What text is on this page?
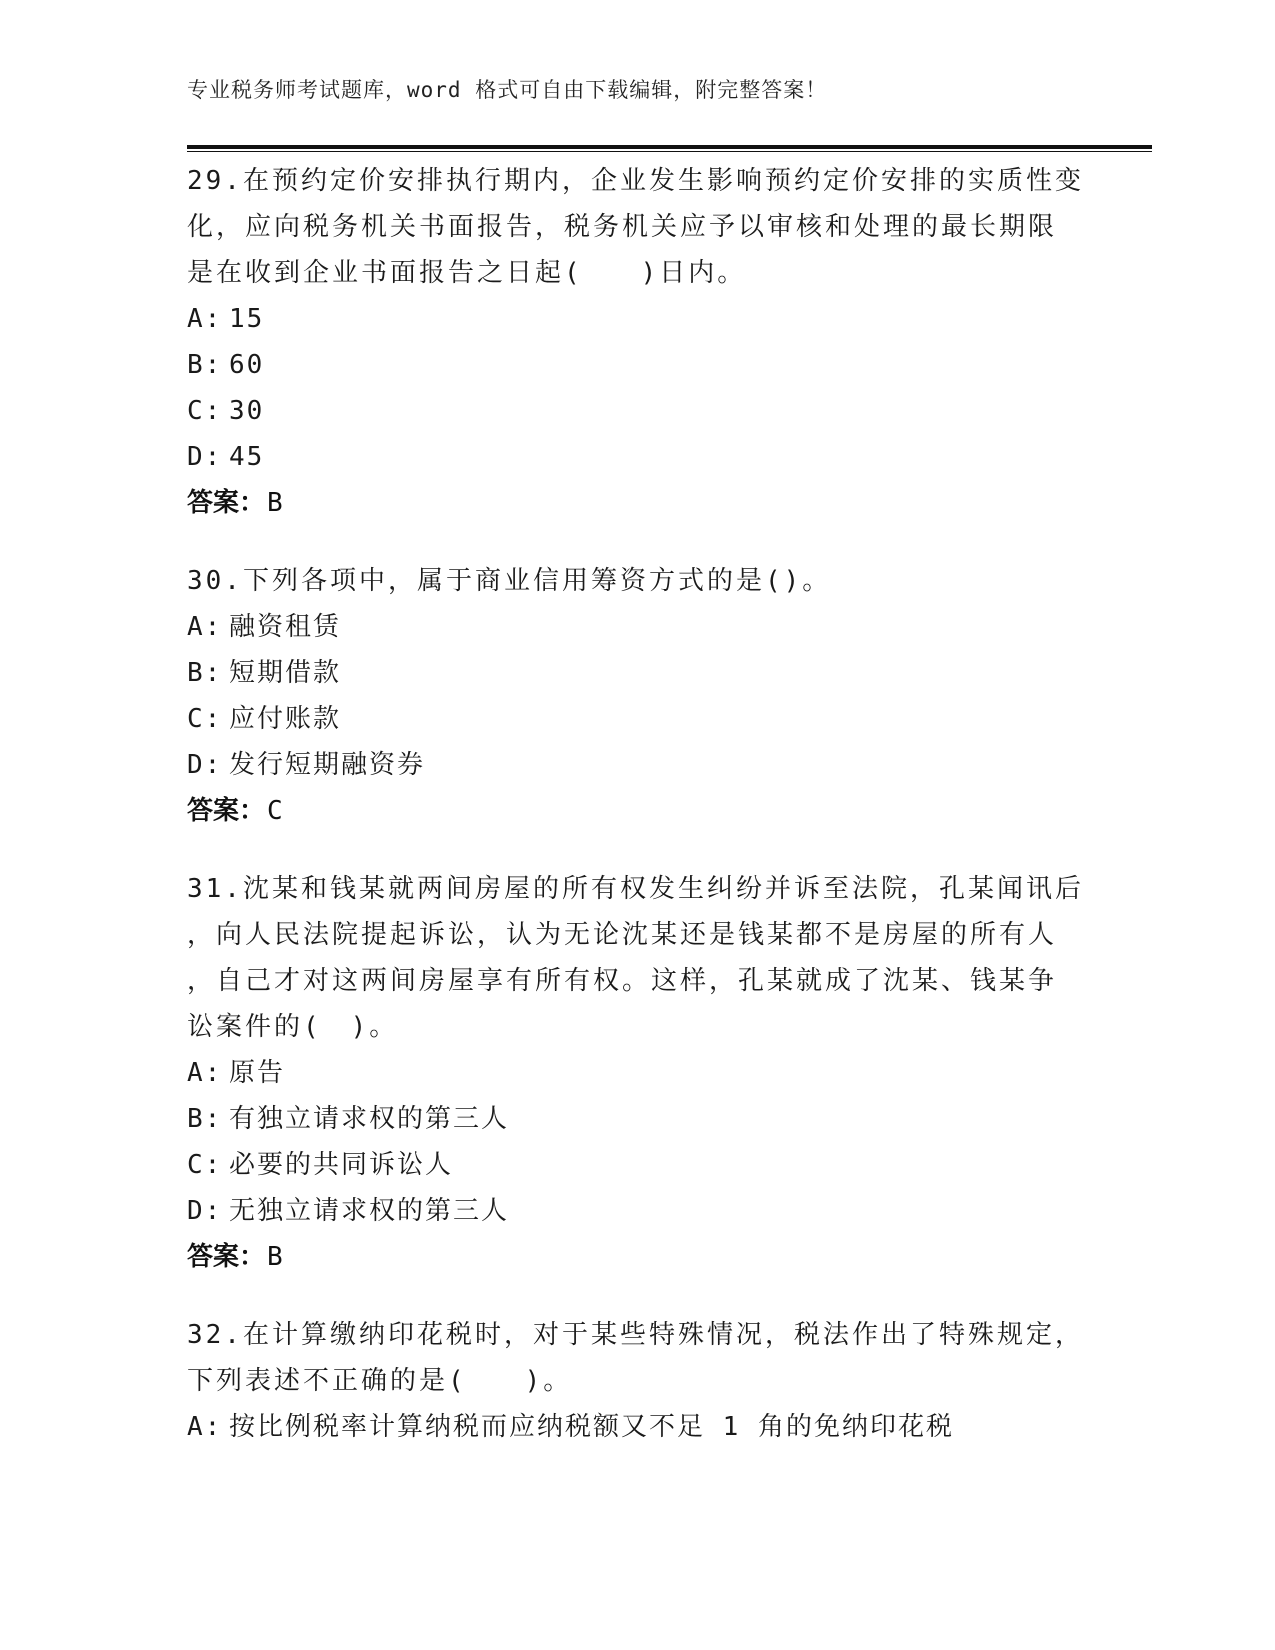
专业税务师考试题库，word 格式可自由下载编辑，附完整答案！
29.在预约定价安排执行期内，企业发生影响预约定价安排的实质性变
化，应向税务机关书面报告，税务机关应予以审核和处理的最长期限
是在收到企业书面报告之日起(　　)日内。
A: 15
B: 60
C: 30
D: 45
答案：B
30.下列各项中，属于商业信用筹资方式的是()。
A: 融资租赁
B: 短期借款
C: 应付账款
D: 发行短期融资券
答案：C
31.沈某和钱某就两间房屋的所有权发生纠纷并诉至法院，孔某闻讯后
，向人民法院提起诉讼，认为无论沈某还是钱某都不是房屋的所有人
，自己才对这两间房屋享有所有权。这样，孔某就成了沈某、钱某争
讼案件的(　)。
A: 原告
B: 有独立请求权的第三人
C: 必要的共同诉讼人
D: 无独立请求权的第三人
答案：B
32.在计算缴纳印花税时，对于某些特殊情况，税法作出了特殊规定，
下列表述不正确的是(　　)。
A: 按比例税率计算纳税而应纳税额又不足 1 角的免纳印花税
